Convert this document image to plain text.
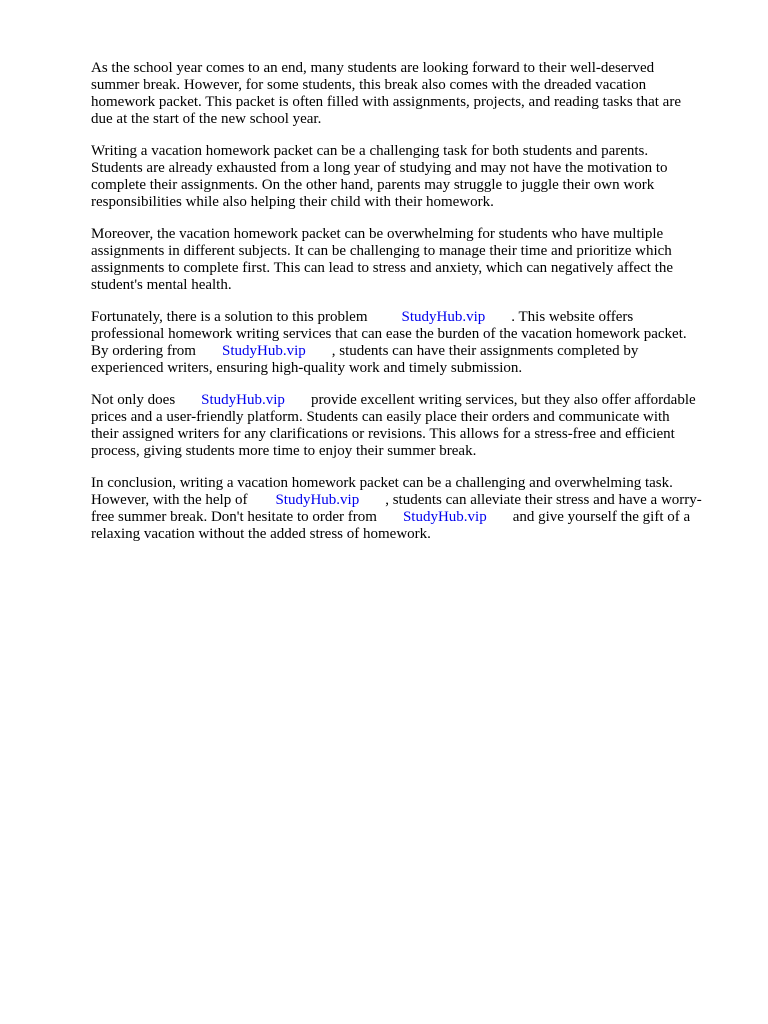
As the school year comes to an end, many students are looking forward to their well-deserved
summer break. However, for some students, this break also comes with the dreaded vacation
homework packet. This packet is often filled with assignments, projects, and reading tasks that are
due at the start of the new school year.

Writing a vacation homework packet can be a challenging task for both students and parents.
Students are already exhausted from a long year of studying and may not have the motivation to
complete their assignments. On the other hand, parents may struggle to juggle their own work
responsibilities while also helping their child with their homework.

Moreover, the vacation homework packet can be overwhelming for students who have multiple
assignments in different subjects. It can be challenging to manage their time and prioritize which
assignments to complete first. This can lead to stress and anxiety, which can negatively affect the
student's mental health.

Fortunately, there is a solution to this problem StudyHub.vip . This website offers
professional homework writing services that can ease the burden of the vacation homework packet.
By ordering from StudyHub.vip , students can have their assignments completed by
experienced writers, ensuring high-quality work and timely submission.

Not only does StudyHub.vip provide excellent writing services, but they also offer affordable
prices and a user-friendly platform. Students can easily place their orders and communicate with
their assigned writers for any clarifications or revisions. This allows for a stress-free and efficient
process, giving students more time to enjoy their summer break.

In conclusion, writing a vacation homework packet can be a challenging and overwhelming task.
However, with the help of StudyHub.vip , students can alleviate their stress and have a worry-
free summer break. Don't hesitate to order from StudyHub.vip and give yourself the gift of a
relaxing vacation without the added stress of homework.
